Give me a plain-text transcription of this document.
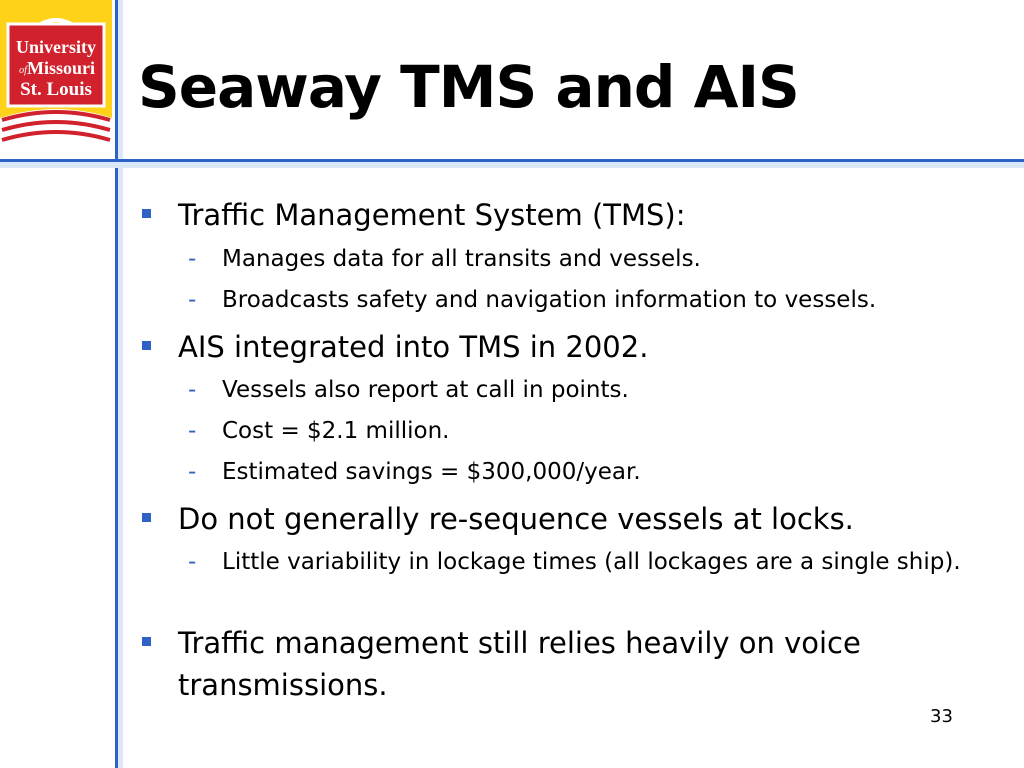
University
of Missouri
St. Louis Seaway TMS and AIS
Traffic Management System (TMS):
- Manages data for all transits and vessels.
- Broadcasts safety and navigation information to vessels.
AIS integrated into TMS in 2002.
- Vessels also report at call in points.
- Cost = $2.1 million.
- Estimated savings = $300,000/year.
Do not generally re-sequence vessels at locks.
- Little variability in lockage times (all lockages are a single ship).
Traffic management still relies heavily on voice transmissions.
33
